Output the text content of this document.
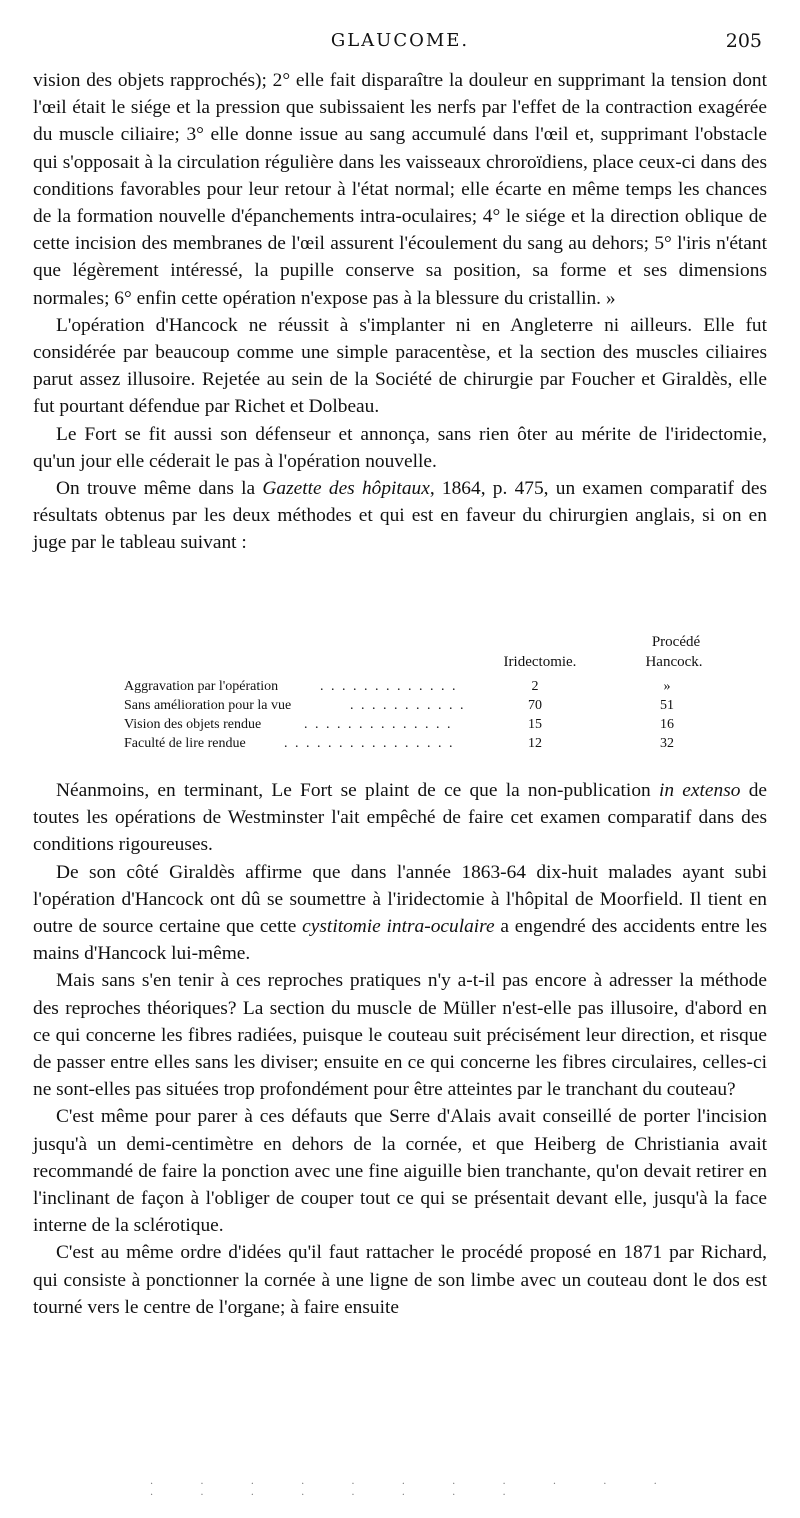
GLAUCOME.	205

vision des objets rapprochés); 2° elle fait disparaître la douleur en supprimant la tension dont l'œil était le siége et la pression que subissaient les nerfs par l'effet de la contraction exagérée du muscle ciliaire; 3° elle donne issue au sang accumulé dans l'œil et, supprimant l'obstacle qui s'opposait à la circulation régulière dans les vaisseaux chroroïdiens, place ceux-ci dans des conditions favorables pour leur retour à l'état normal; elle écarte en même temps les chances de la formation nouvelle d'épanchements intra-oculaires; 4° le siége et la direction oblique de cette incision des membranes de l'œil assurent l'écoulement du sang au dehors; 5° l'iris n'étant que légèrement intéressé, la pupille conserve sa position, sa forme et ses dimensions normales; 6° enfin cette opération n'expose pas à la blessure du cristallin. »

L'opération d'Hancock ne réussit à s'implanter ni en Angleterre ni ailleurs. Elle fut considérée par beaucoup comme une simple paracentèse, et la section des muscles ciliaires parut assez illusoire. Rejetée au sein de la Société de chirurgie par Foucher et Giraldès, elle fut pourtant défendue par Richet et Dolbeau.

Le Fort se fit aussi son défenseur et annonça, sans rien ôter au mérite de l'iridectomie, qu'un jour elle céderait le pas à l'opération nouvelle.

On trouve même dans la Gazette des hôpitaux, 1864, p. 475, un examen comparatif des résultats obtenus par les deux méthodes et qui est en faveur du chirurgien anglais, si on en juge par le tableau suivant :

Procédé
Iridectomie.	Hancock.
Aggravation par l'opération	. . . . . . . . . . . . .	2	»
Sans amélioration pour la vue	. . . . . . . . . . .	70	51
Vision des objets rendue	. . . . . . . . . . . . . .	15	16
Faculté de lire rendue	. . . . . . . . . . . . . . . .	12	32

Néanmoins, en terminant, Le Fort se plaint de ce que la non-publication in extenso de toutes les opérations de Westminster l'ait empêché de faire cet examen comparatif dans des conditions rigoureuses.

De son côté Giraldès affirme que dans l'année 1863-64 dix-huit malades ayant subi l'opération d'Hancock ont dû se soumettre à l'iridectomie à l'hôpital de Moorfield. Il tient en outre de source certaine que cette cystitomie intra-oculaire a engendré des accidents entre les mains d'Hancock lui-même.

Mais sans s'en tenir à ces reproches pratiques n'y a-t-il pas encore à adresser la méthode des reproches théoriques? La section du muscle de Müller n'est-elle pas illusoire, d'abord en ce qui concerne les fibres radiées, puisque le couteau suit précisément leur direction, et risque de passer entre elles sans les diviser; ensuite en ce qui concerne les fibres circulaires, celles-ci ne sont-elles pas situées trop profondément pour être atteintes par le tranchant du couteau?

C'est même pour parer à ces défauts que Serre d'Alais avait conseillé de porter l'incision jusqu'à un demi-centimètre en dehors de la cornée, et que Heiberg de Christiania avait recommandé de faire la ponction avec une fine aiguille bien tranchante, qu'on devait retirer en l'inclinant de façon à l'obliger de couper tout ce qui se présentait devant elle, jusqu'à la face interne de la sclérotique.

C'est au même ordre d'idées qu'il faut rattacher le procédé proposé en 1871 par Richard, qui consiste à ponctionner la cornée à une ligne de son limbe avec un couteau dont le dos est tourné vers le centre de l'organe; à faire ensuite

. . . . . . . . . . . . . . . . . . .
